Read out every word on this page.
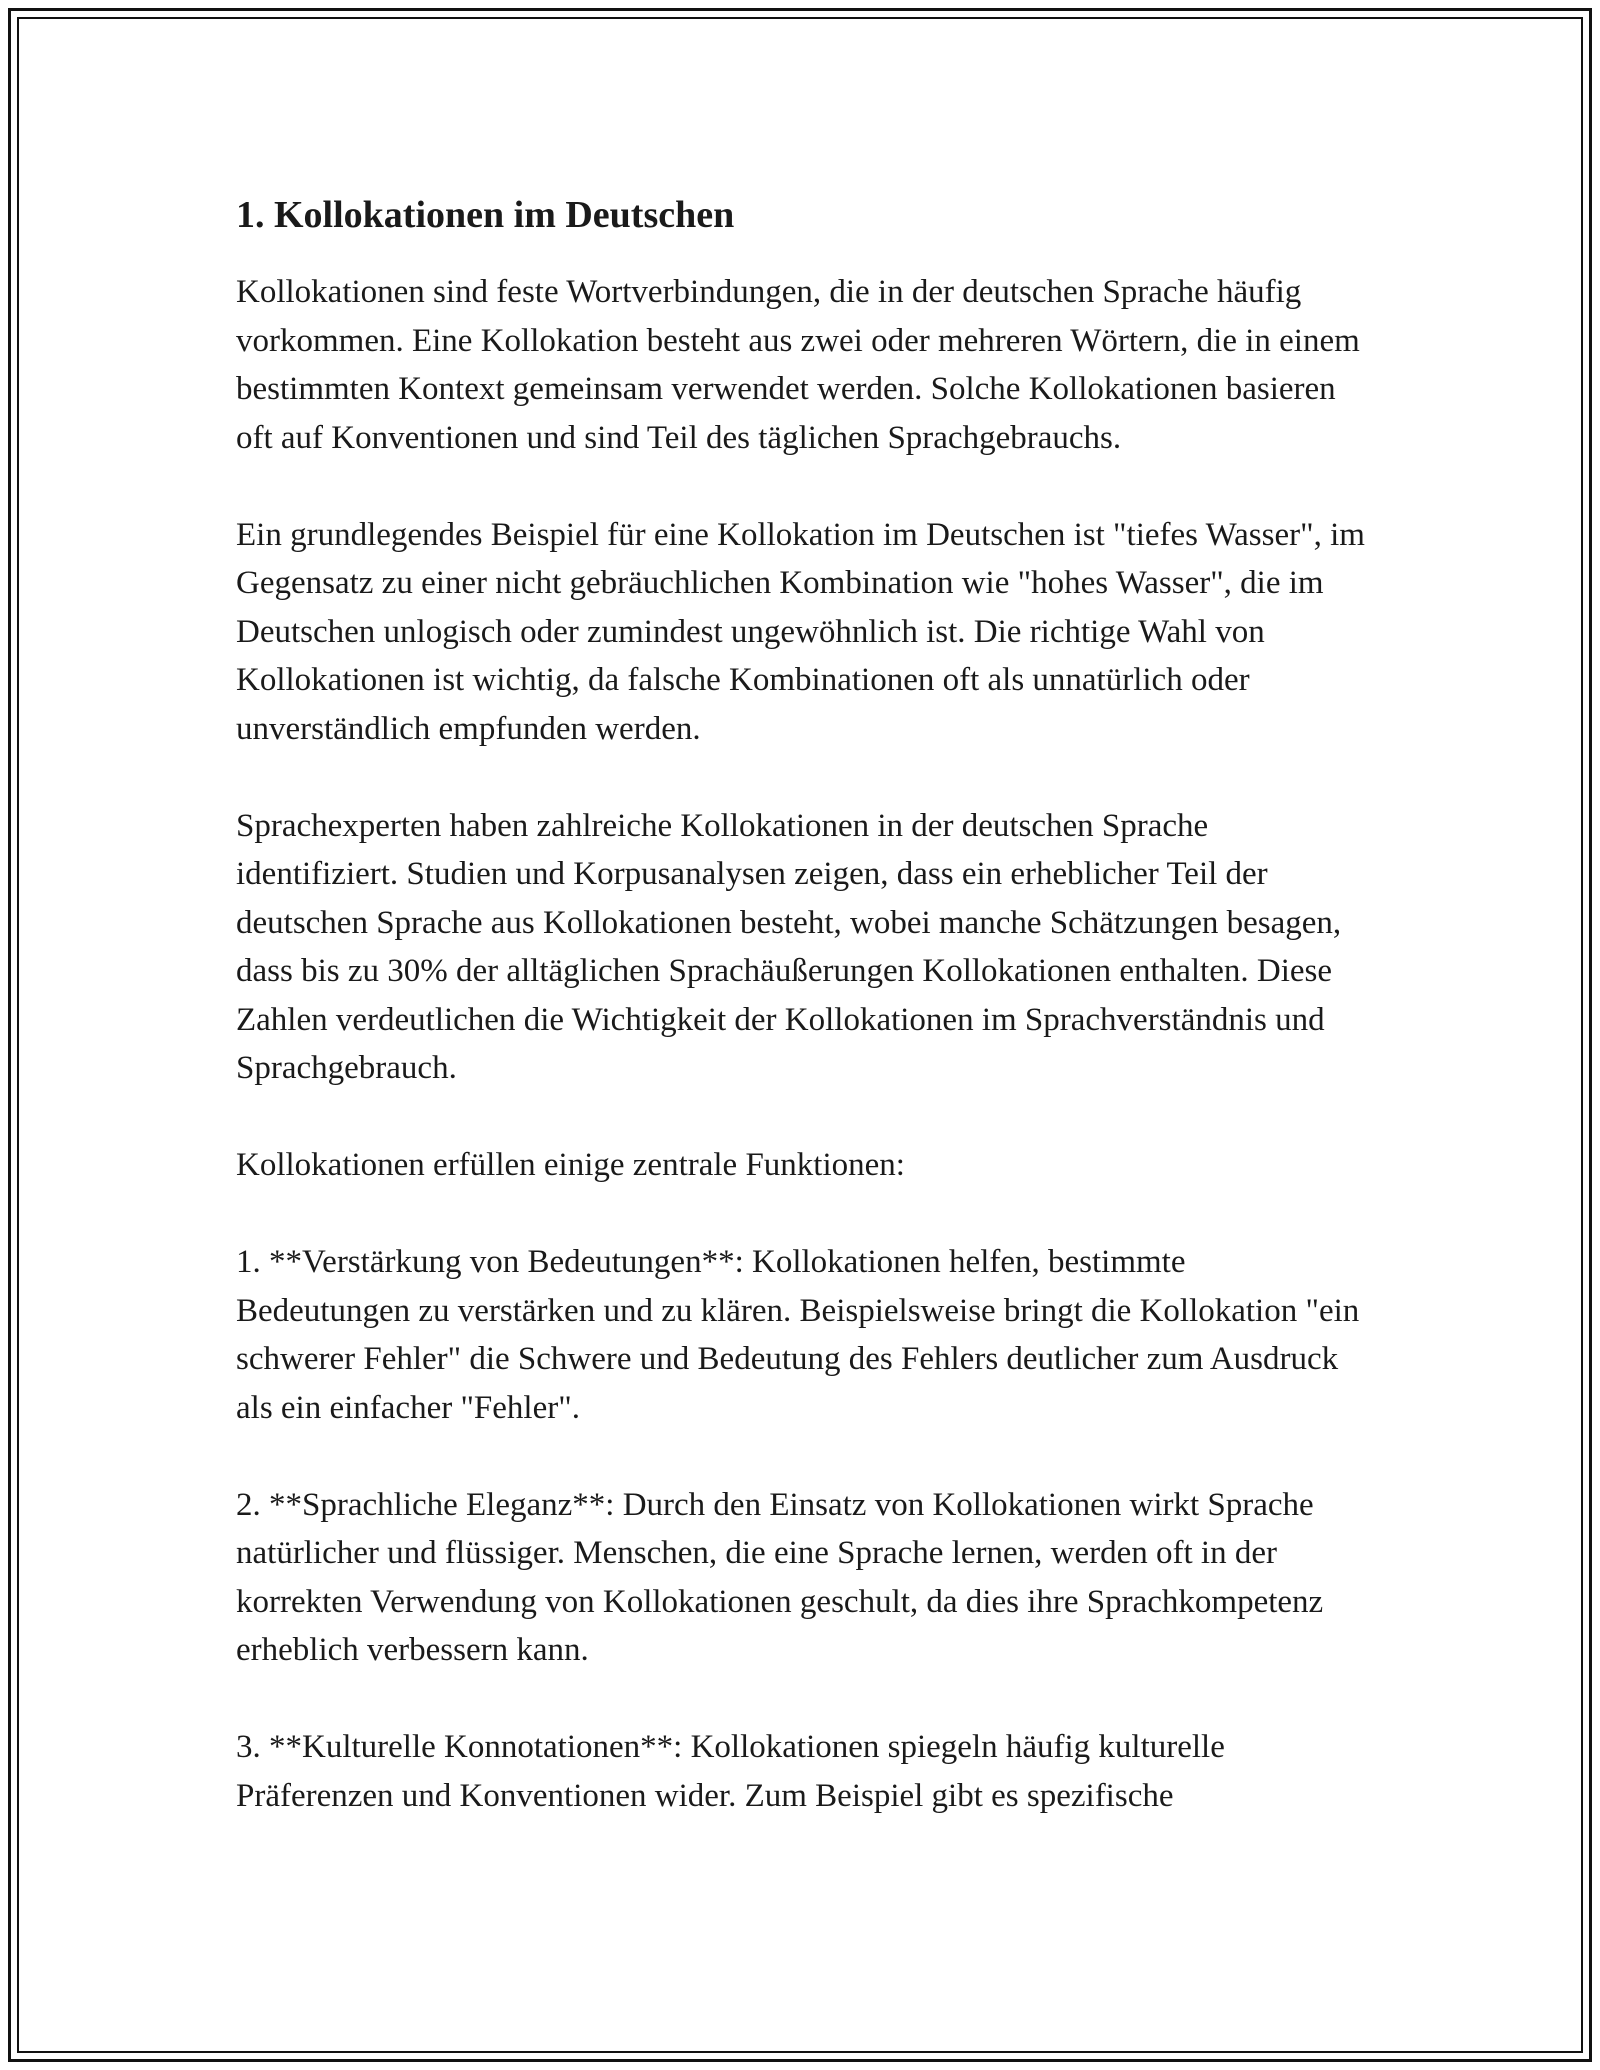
1. Kollokationen im Deutschen

Kollokationen sind feste Wortverbindungen, die in der deutschen Sprache häufig vorkommen. Eine Kollokation besteht aus zwei oder mehreren Wörtern, die in einem bestimmten Kontext gemeinsam verwendet werden. Solche Kollokationen basieren oft auf Konventionen und sind Teil des täglichen Sprachgebrauchs.

Ein grundlegendes Beispiel für eine Kollokation im Deutschen ist "tiefes Wasser", im Gegensatz zu einer nicht gebräuchlichen Kombination wie "hohes Wasser", die im Deutschen unlogisch oder zumindest ungewöhnlich ist. Die richtige Wahl von Kollokationen ist wichtig, da falsche Kombinationen oft als unnatürlich oder unverständlich empfunden werden.

Sprachexperten haben zahlreiche Kollokationen in der deutschen Sprache identifiziert. Studien und Korpusanalysen zeigen, dass ein erheblicher Teil der deutschen Sprache aus Kollokationen besteht, wobei manche Schätzungen besagen, dass bis zu 30% der alltäglichen Sprachäußerungen Kollokationen enthalten. Diese Zahlen verdeutlichen die Wichtigkeit der Kollokationen im Sprachverständnis und Sprachgebrauch.

Kollokationen erfüllen einige zentrale Funktionen:

1. **Verstärkung von Bedeutungen**: Kollokationen helfen, bestimmte Bedeutungen zu verstärken und zu klären. Beispielsweise bringt die Kollokation "ein schwerer Fehler" die Schwere und Bedeutung des Fehlers deutlicher zum Ausdruck als ein einfacher "Fehler".

2. **Sprachliche Eleganz**: Durch den Einsatz von Kollokationen wirkt Sprache natürlicher und flüssiger. Menschen, die eine Sprache lernen, werden oft in der korrekten Verwendung von Kollokationen geschult, da dies ihre Sprachkompetenz erheblich verbessern kann.

3. **Kulturelle Konnotationen**: Kollokationen spiegeln häufig kulturelle Präferenzen und Konventionen wider. Zum Beispiel gibt es spezifische
